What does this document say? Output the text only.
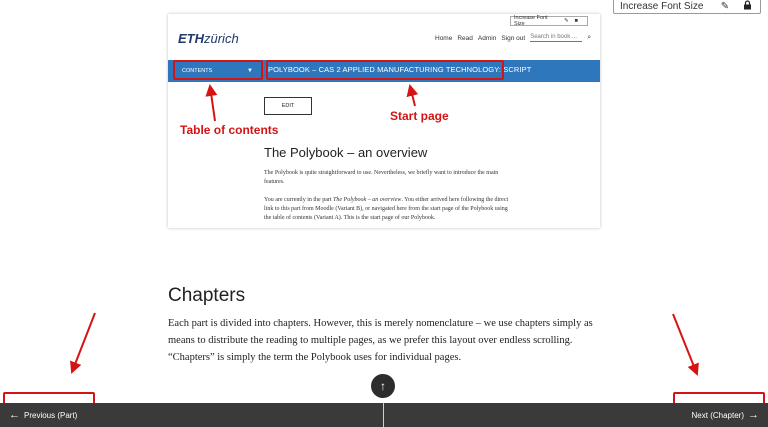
Increase Font Size	✎
Increase Font Size	✎ ■
ETHzürich	Home Read Admin Sign out Search in book ...	⌕
CONTENTS	▼ POLYBOOK – CAS 2 APPLIED MANUFACTURING TECHNOLOGY: SCRIPT
EDIT
The Polybook – an overview

The Polybook is quite straightforward to use. Nevertheless, we briefly want to introduce the main features.

You are currently in the part The Polybook – an overview. You either arrived here following the direct link to this part from Moodle (Variant B), or navigated here from the start page of the Polybook using the table of contents (Variant A). This is the start page of our Polybook.

Table of contents
Start page
Chapters

Each part is divided into chapters. However, this is merely nomenclature – we use chapters simply as means to distribute the reading to multiple pages, as we prefer this layout over endless scrolling. “Chapters” is simply the term the Polybook uses for individual pages.

↑
← Previous (Part)	Next (Chapter) →
